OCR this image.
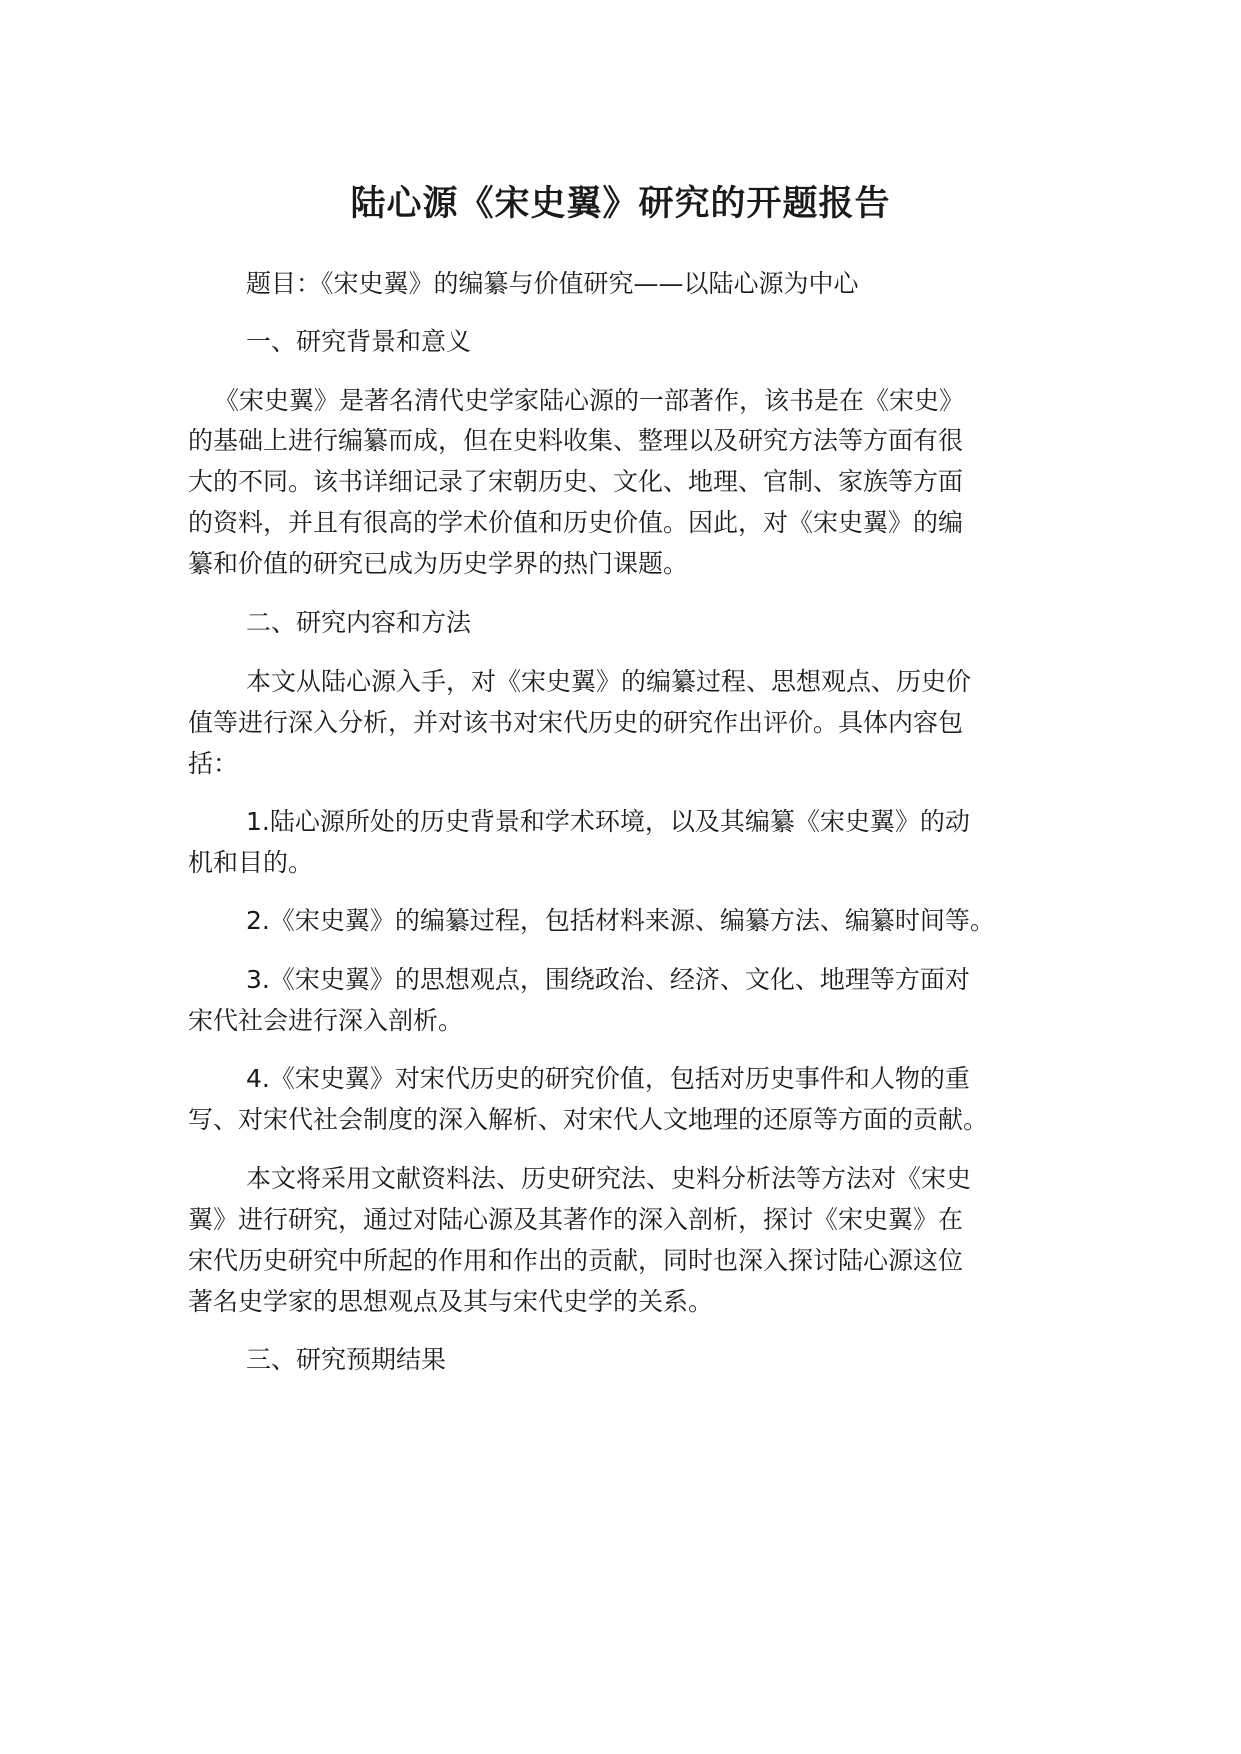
陆心源《宋史翼》研究的开题报告

题目：《宋史翼》的编纂与价值研究——以陆心源为中心

一、研究背景和意义

《宋史翼》是著名清代史学家陆心源的一部著作，该书是在《宋史》

的基础上进行编纂而成，但在史料收集、整理以及研究方法等方面有很

大的不同。该书详细记录了宋朝历史、文化、地理、官制、家族等方面

的资料，并且有很高的学术价值和历史价值。因此，对《宋史翼》的编

纂和价值的研究已成为历史学界的热门课题。

二、研究内容和方法

本文从陆心源入手，对《宋史翼》的编纂过程、思想观点、历史价

值等进行深入分析，并对该书对宋代历史的研究作出评价。具体内容包

括：

1.陆心源所处的历史背景和学术环境，以及其编纂《宋史翼》的动

机和目的。

2.《宋史翼》的编纂过程，包括材料来源、编纂方法、编纂时间等。

3.《宋史翼》的思想观点，围绕政治、经济、文化、地理等方面对

宋代社会进行深入剖析。

4.《宋史翼》对宋代历史的研究价值，包括对历史事件和人物的重

写、对宋代社会制度的深入解析、对宋代人文地理的还原等方面的贡献。

本文将采用文献资料法、历史研究法、史料分析法等方法对《宋史

翼》进行研究，通过对陆心源及其著作的深入剖析，探讨《宋史翼》在

宋代历史研究中所起的作用和作出的贡献，同时也深入探讨陆心源这位

著名史学家的思想观点及其与宋代史学的关系。

三、研究预期结果
